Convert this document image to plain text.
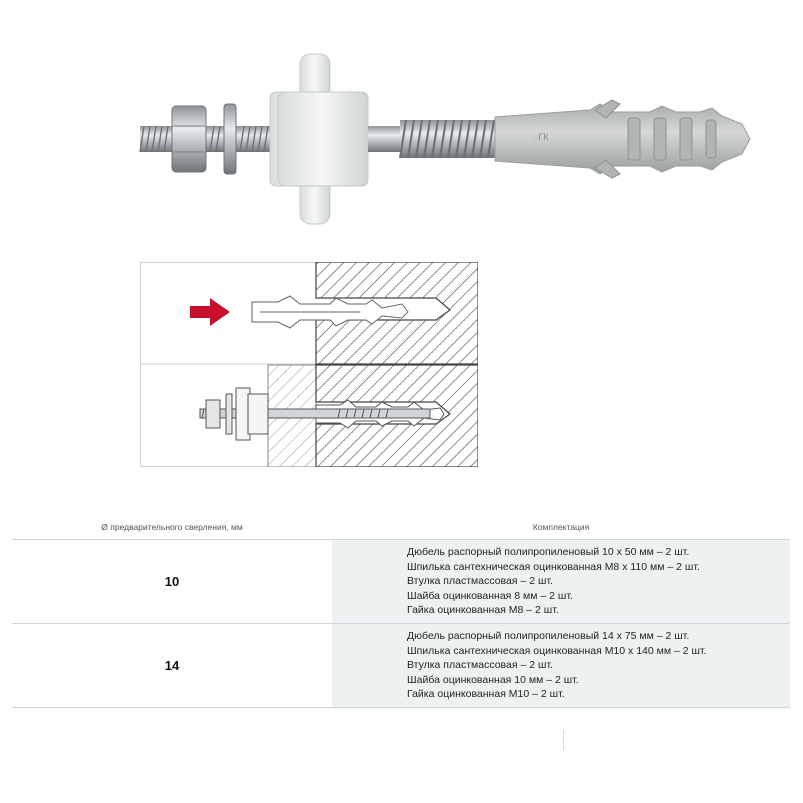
◌ГК
Ø предварительного сверления, мм	Комплектация
10
Дюбель распорный полипропиленовый 10 х 50 мм – 2 шт.
Шпилька сантехническая оцинкованная М8 х 110 мм – 2 шт.
Втулка пластмассовая – 2 шт.
Шайба оцинкованная 8 мм – 2 шт.
Гайка оцинкованная М8 – 2 шт.
14
Дюбель распорный полипропиленовый 14 х 75 мм – 2 шт.
Шпилька сантехническая оцинкованная М10 х 140 мм – 2 шт.
Втулка пластмассовая – 2 шт.
Шайба оцинкованная 10 мм – 2 шт.
Гайка оцинкованная М10 – 2 шт.
